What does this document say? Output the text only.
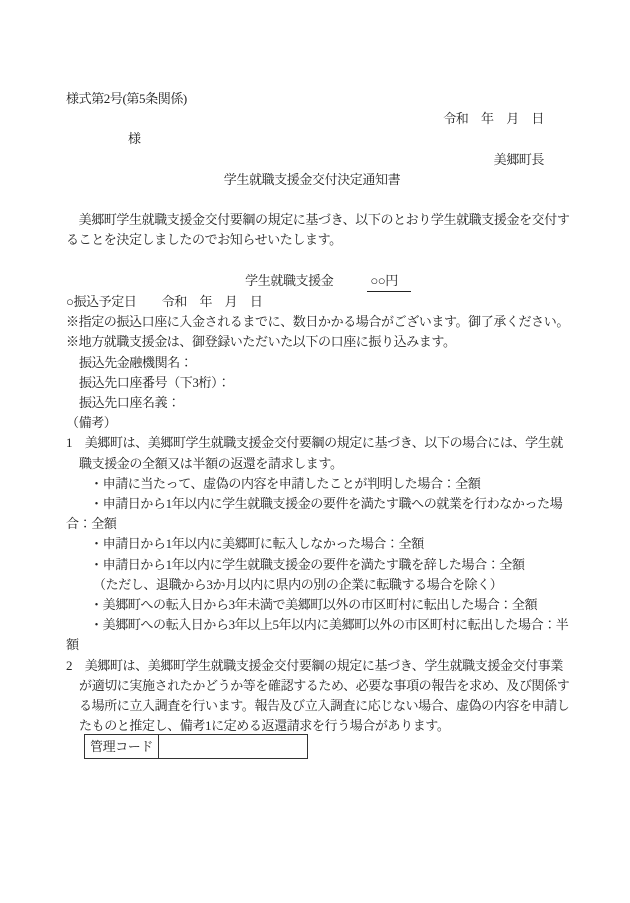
様式第2号(第5条関係)
令和　年　月　日
様
美郷町長
学生就職支援金交付決定通知書
　美郷町学生就職支援金交付要綱の規定に基づき、以下のとおり学生就職支援金を交付す
ることを決定しましたのでお知らせいたします。
学生就職支援金	○○円
○振込予定日　　令和　年　月　日
※指定の振込口座に入金されるまでに、数日かかる場合がございます。御了承ください。
※地方就職支援金は、御登録いただいた以下の口座に振り込みます。
振込先金融機関名：
振込先口座番号（下3桁）：
振込先口座名義：
（備考）
1　美郷町は、美郷町学生就職支援金交付要綱の規定に基づき、以下の場合には、学生就
職支援金の全額又は半額の返還を請求します。
・申請に当たって、虚偽の内容を申請したことが判明した場合：全額
・申請日から1年以内に学生就職支援金の要件を満たす職への就業を行わなかった場
合：全額
・申請日から1年以内に美郷町に転入しなかった場合：全額
・申請日から1年以内に学生就職支援金の要件を満たす職を辞した場合：全額
（ただし、退職から3か月以内に県内の別の企業に転職する場合を除く）
・美郷町への転入日から3年未満で美郷町以外の市区町村に転出した場合：全額
・美郷町への転入日から3年以上5年以内に美郷町以外の市区町村に転出した場合：半
額
2　美郷町は、美郷町学生就職支援金交付要綱の規定に基づき、学生就職支援金交付事業
が適切に実施されたかどうか等を確認するため、必要な事項の報告を求め、及び関係す
る場所に立入調査を行います。報告及び立入調査に応じない場合、虚偽の内容を申請し
たものと推定し、備考1に定める返還請求を行う場合があります。
管理コード
